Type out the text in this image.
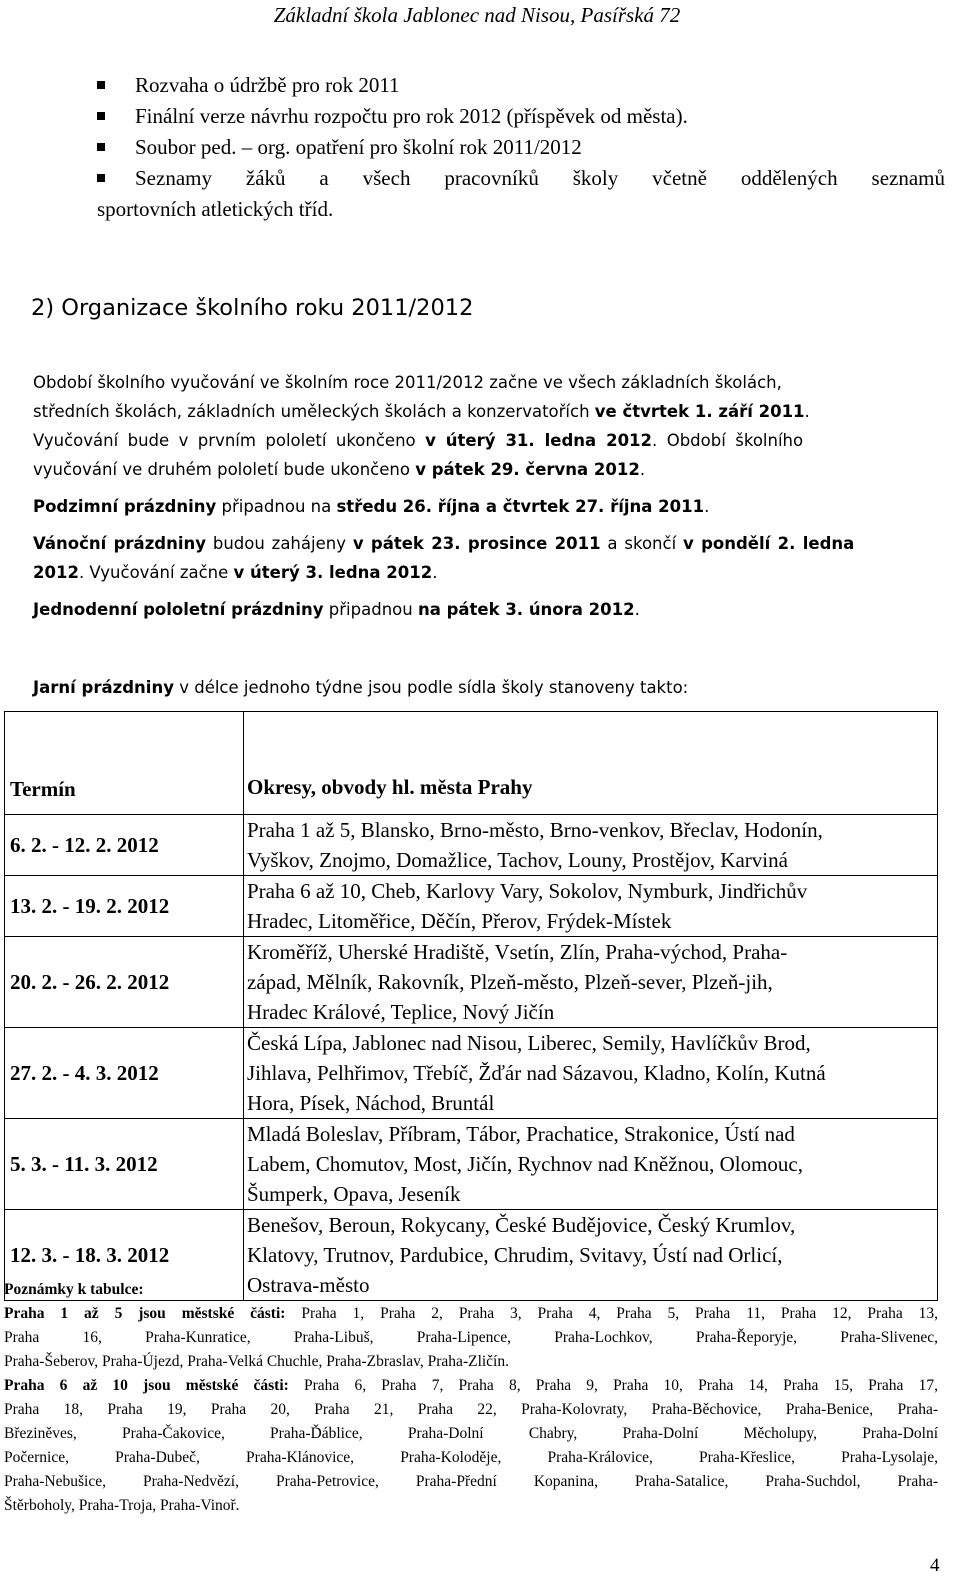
Základní škola Jablonec nad Nisou, Pasířská 72
Rozvaha o údržbě pro rok 2011
Finální verze návrhu rozpočtu pro rok 2012 (příspěvek od města).
Soubor ped. – org. opatření pro školní rok 2011/2012
Seznamy žáků a všech pracovníků školy včetně oddělených seznamů
sportovních atletických tříd.
2) Organizace školního roku 2011/2012
Období školního vyučování ve školním roce 2011/2012 začne ve všech základních školách,
středních školách, základních uměleckých školách a konzervatořích ve čtvrtek 1. září 2011.
Vyučování bude v prvním pololetí ukončeno v úterý 31. ledna 2012. Období školního
vyučování ve druhém pololetí bude ukončeno v pátek 29. června 2012.
Podzimní prázdniny připadnou na středu 26. října a čtvrtek 27. října 2011.
Vánoční prázdniny budou zahájeny v pátek 23. prosince 2011 a skončí v pondělí 2. ledna
2012. Vyučování začne v úterý 3. ledna 2012.
Jednodenní pololetní prázdniny připadnou na pátek 3. února 2012.
Jarní prázdniny v délce jednoho týdne jsou podle sídla školy stanoveny takto:
Termín	Okresy, obvody hl. města Prahy
6. 2. - 12. 2. 2012	Praha 1 až 5, Blansko, Brno-město, Brno-venkov, Břeclav, Hodonín,
Vyškov, Znojmo, Domažlice, Tachov, Louny, Prostějov, Karviná

13. 2. - 19. 2. 2012	Praha 6 až 10, Cheb, Karlovy Vary, Sokolov, Nymburk, Jindřichův
Hradec, Litoměřice, Děčín, Přerov, Frýdek-Místek

20. 2. - 26. 2. 2012	Kroměříž, Uherské Hradiště, Vsetín, Zlín, Praha-východ, Praha-
západ, Mělník, Rakovník, Plzeň-město, Plzeň-sever, Plzeň-jih,
Hradec Králové, Teplice, Nový Jičín

27. 2. - 4. 3. 2012	Česká Lípa, Jablonec nad Nisou, Liberec, Semily, Havlíčkův Brod,
Jihlava, Pelhřimov, Třebíč, Žďár nad Sázavou, Kladno, Kolín, Kutná
Hora, Písek, Náchod, Bruntál

5. 3. - 11. 3. 2012	Mladá Boleslav, Příbram, Tábor, Prachatice, Strakonice, Ústí nad
Labem, Chomutov, Most, Jičín, Rychnov nad Kněžnou, Olomouc,
Šumperk, Opava, Jeseník

12. 3. - 18. 3. 2012	Benešov, Beroun, Rokycany, České Budějovice, Český Krumlov,
Klatovy, Trutnov, Pardubice, Chrudim, Svitavy, Ústí nad Orlicí,
Ostrava-město
Poznámky k tabulce:
Praha 1 až 5 jsou městské části: Praha 1, Praha 2, Praha 3, Praha 4, Praha 5, Praha 11, Praha 12, Praha 13,
Praha 16, Praha-Kunratice, Praha-Libuš, Praha-Lipence, Praha-Lochkov, Praha-Řeporyje, Praha-Slivenec,
Praha-Šeberov, Praha-Újezd, Praha-Velká Chuchle, Praha-Zbraslav, Praha-Zličín.
Praha 6 až 10 jsou městské části: Praha 6, Praha 7, Praha 8, Praha 9, Praha 10, Praha 14, Praha 15, Praha 17,
Praha 18, Praha 19, Praha 20, Praha 21, Praha 22, Praha-Kolovraty, Praha-Běchovice, Praha-Benice, Praha-
Březiněves, Praha-Čakovice, Praha-Ďáblice, Praha-Dolní Chabry, Praha-Dolní Měcholupy, Praha-Dolní
Počernice, Praha-Dubeč, Praha-Klánovice, Praha-Koloděje, Praha-Královice, Praha-Křeslice, Praha-Lysolaje,
Praha-Nebušice, Praha-Nedvězí, Praha-Petrovice, Praha-Přední Kopanina, Praha-Satalice, Praha-Suchdol, Praha-
Štěrboholy, Praha-Troja, Praha-Vinoř.
4
